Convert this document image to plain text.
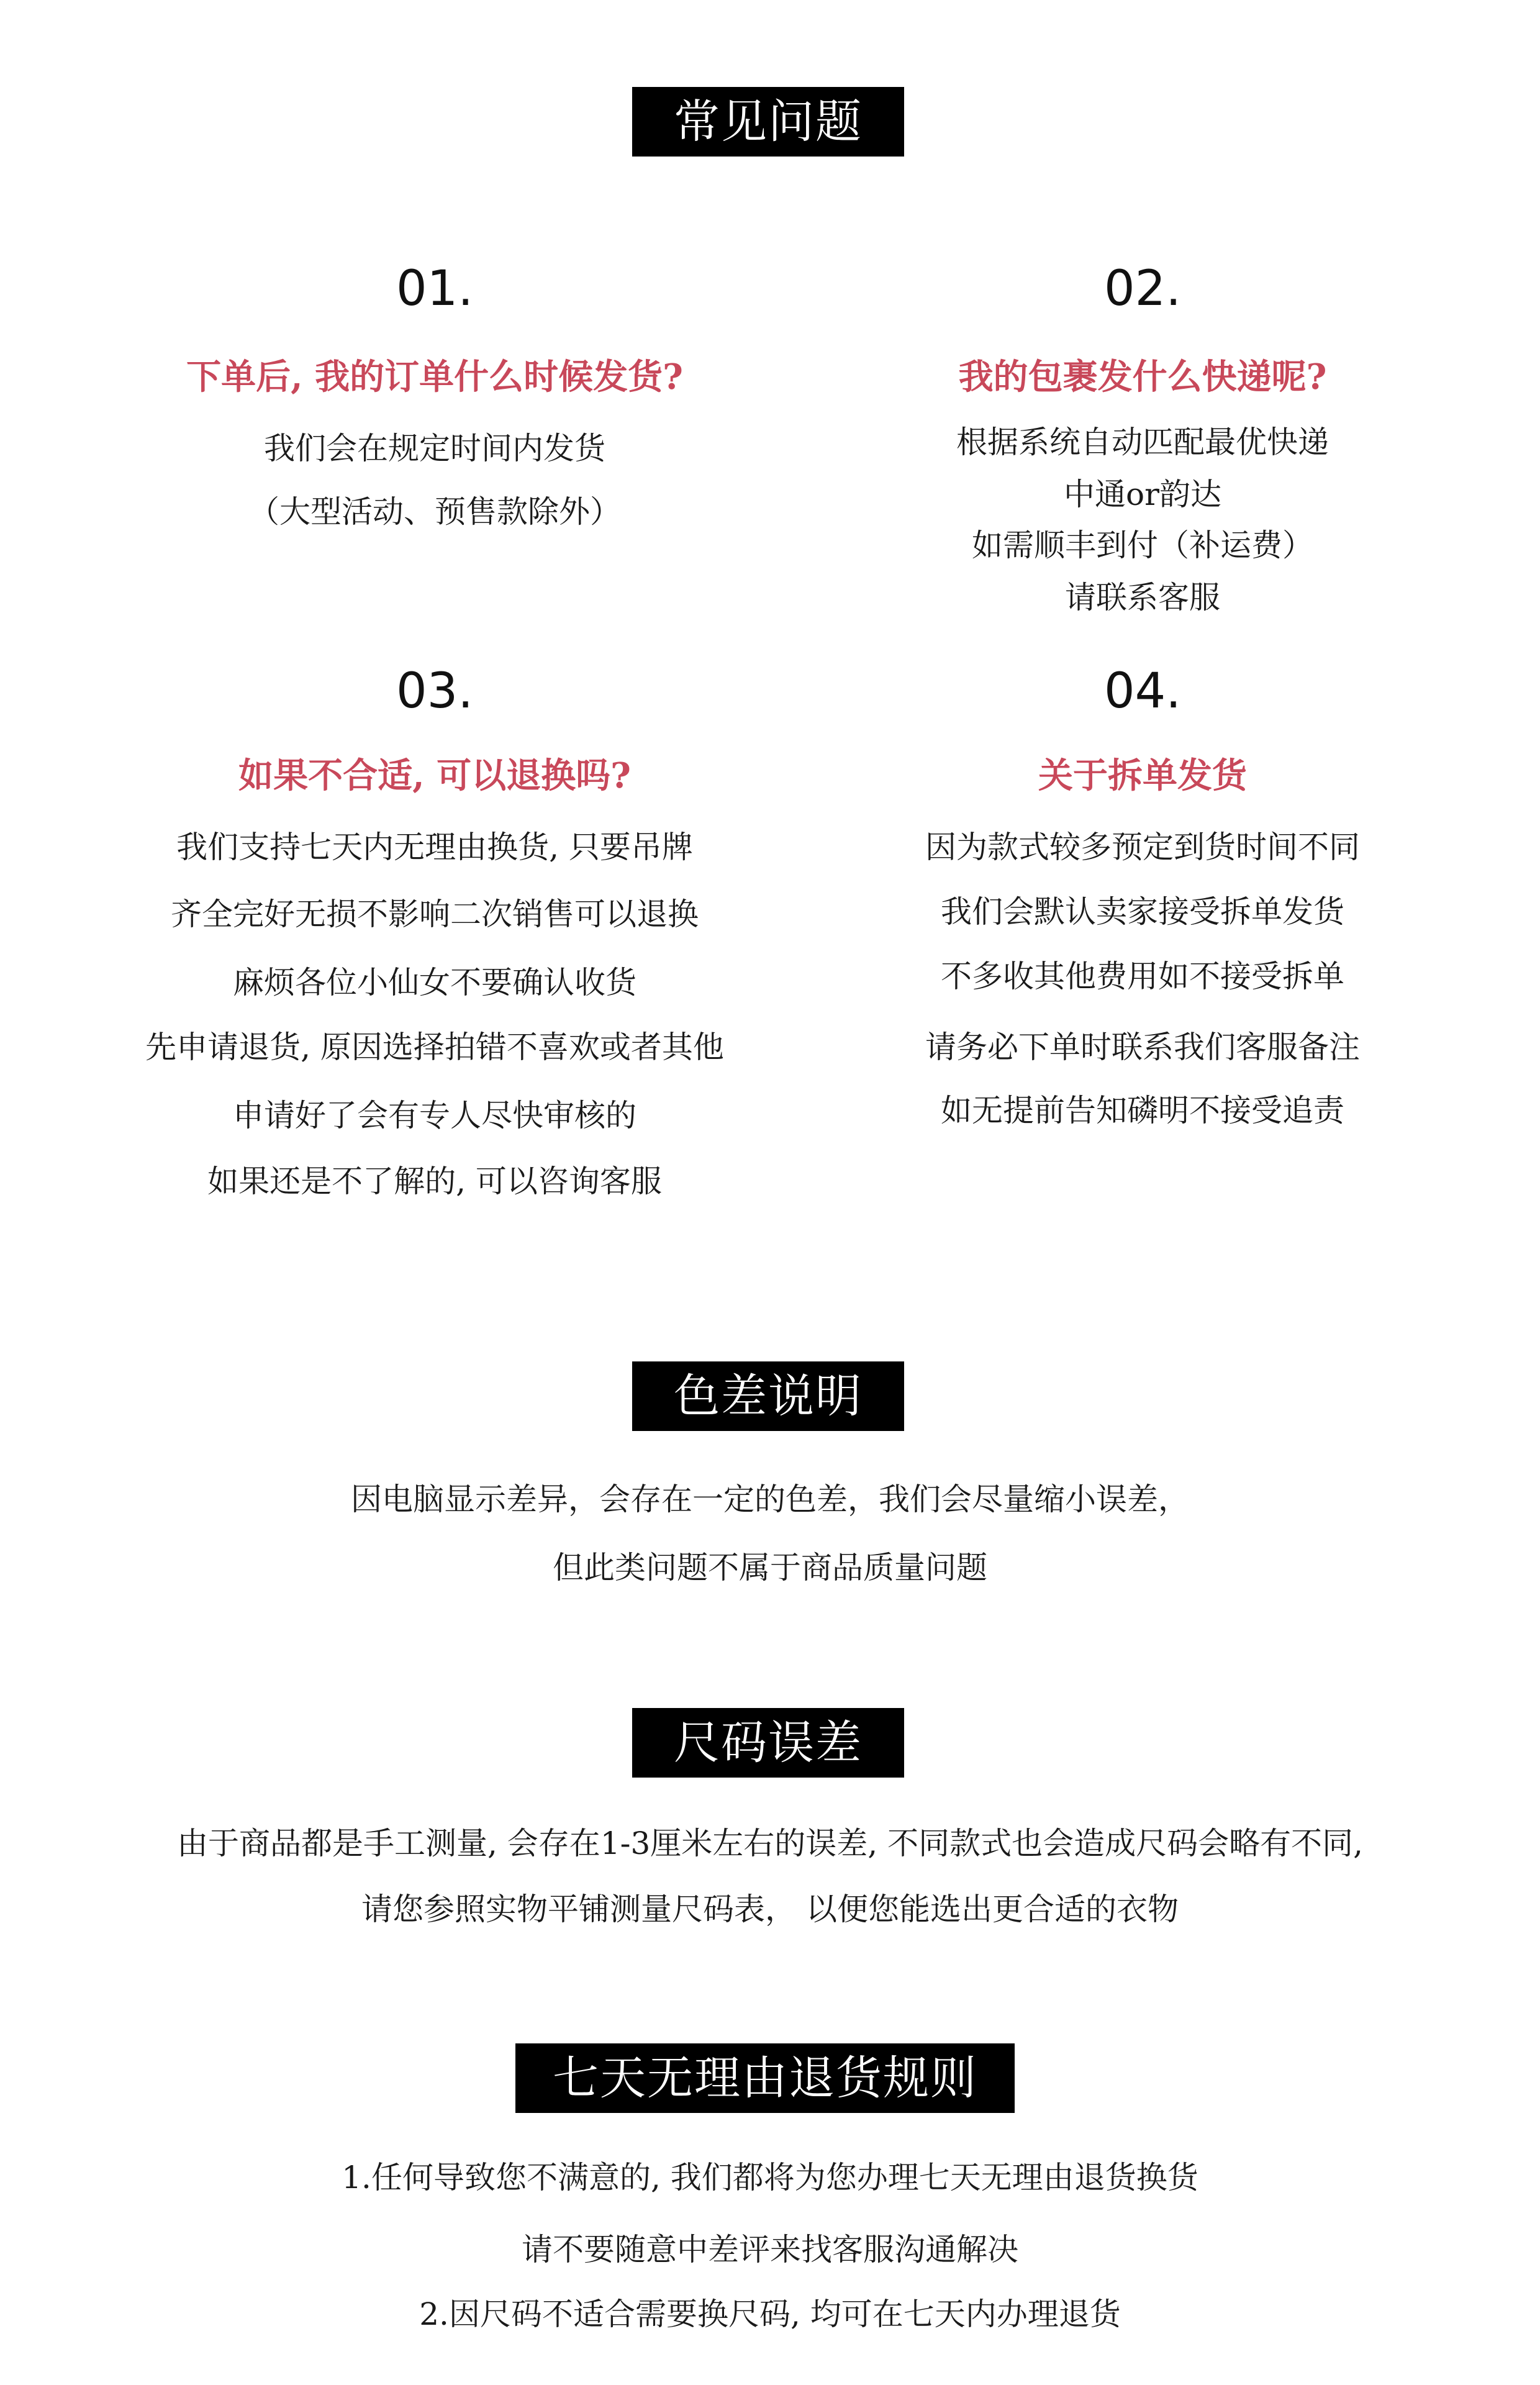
常见问题
01.
下单后, 我的订单什么时候发货?
我们会在规定时间内发货
（大型活动、预售款除外）
02.
我的包裹发什么快递呢?
根据系统自动匹配最优快递
中通or韵达
如需顺丰到付（补运费）
请联系客服
03.
如果不合适, 可以退换吗?
我们支持七天内无理由换货, 只要吊牌
齐全完好无损不影响二次销售可以退换
麻烦各位小仙女不要确认收货
先申请退货, 原因选择拍错不喜欢或者其他
申请好了会有专人尽快审核的
如果还是不了解的, 可以咨询客服
04.
关于拆单发货
因为款式较多预定到货时间不同
我们会默认卖家接受拆单发货
不多收其他费用如不接受拆单
请务必下单时联系我们客服备注
如无提前告知磷明不接受追责
色差说明
因电脑显示差异，会存在一定的色差，我们会尽量缩小误差，
但此类问题不属于商品质量问题
尺码误差
由于商品都是手工测量, 会存在1-3厘米左右的误差, 不同款式也会造成尺码会略有不同,
请您参照实物平铺测量尺码表， 以便您能选出更合适的衣物
七天无理由退货规则
1.任何导致您不满意的, 我们都将为您办理七天无理由退货换货
请不要随意中差评来找客服沟通解决
2.因尺码不适合需要换尺码, 均可在七天内办理退货
